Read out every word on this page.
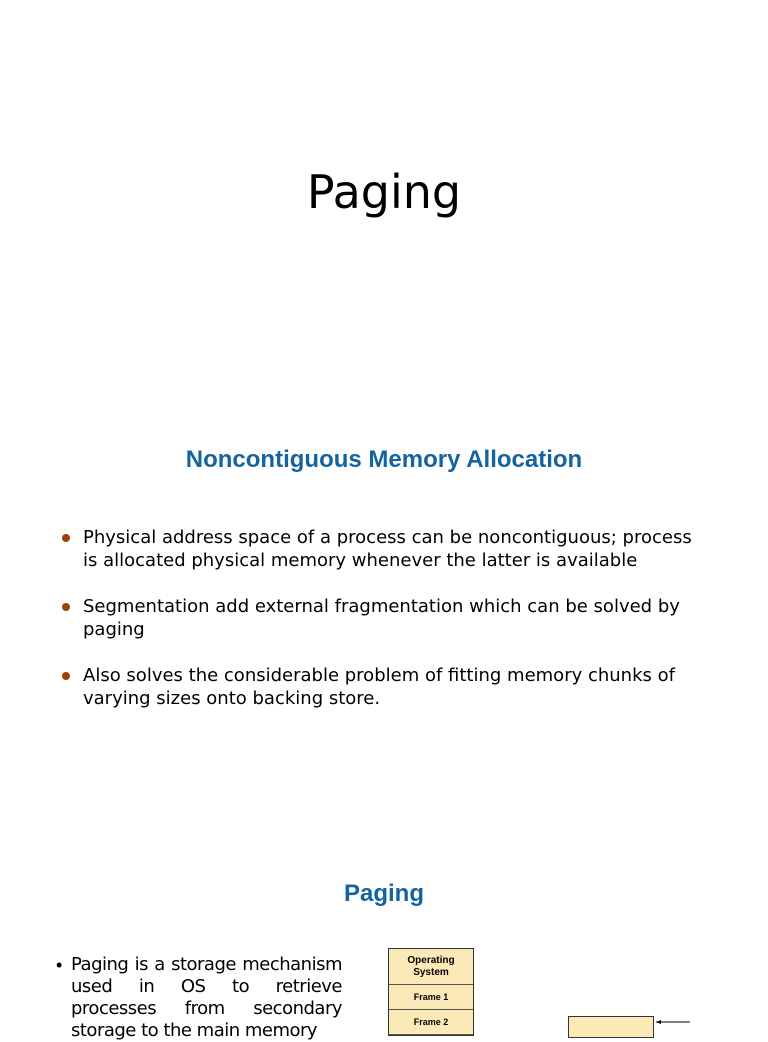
Paging
Noncontiguous Memory Allocation
Physical address space of a process can be noncontiguous; process is allocated physical memory whenever the latter is available
Segmentation add external fragmentation which can be solved by paging
Also solves the considerable problem of fitting memory chunks of varying sizes onto backing store.
Paging
• Paging is a storage mechanism used in OS to retrieve processes from secondary storage to the main memory
Operating System
Frame 1
Frame 2
